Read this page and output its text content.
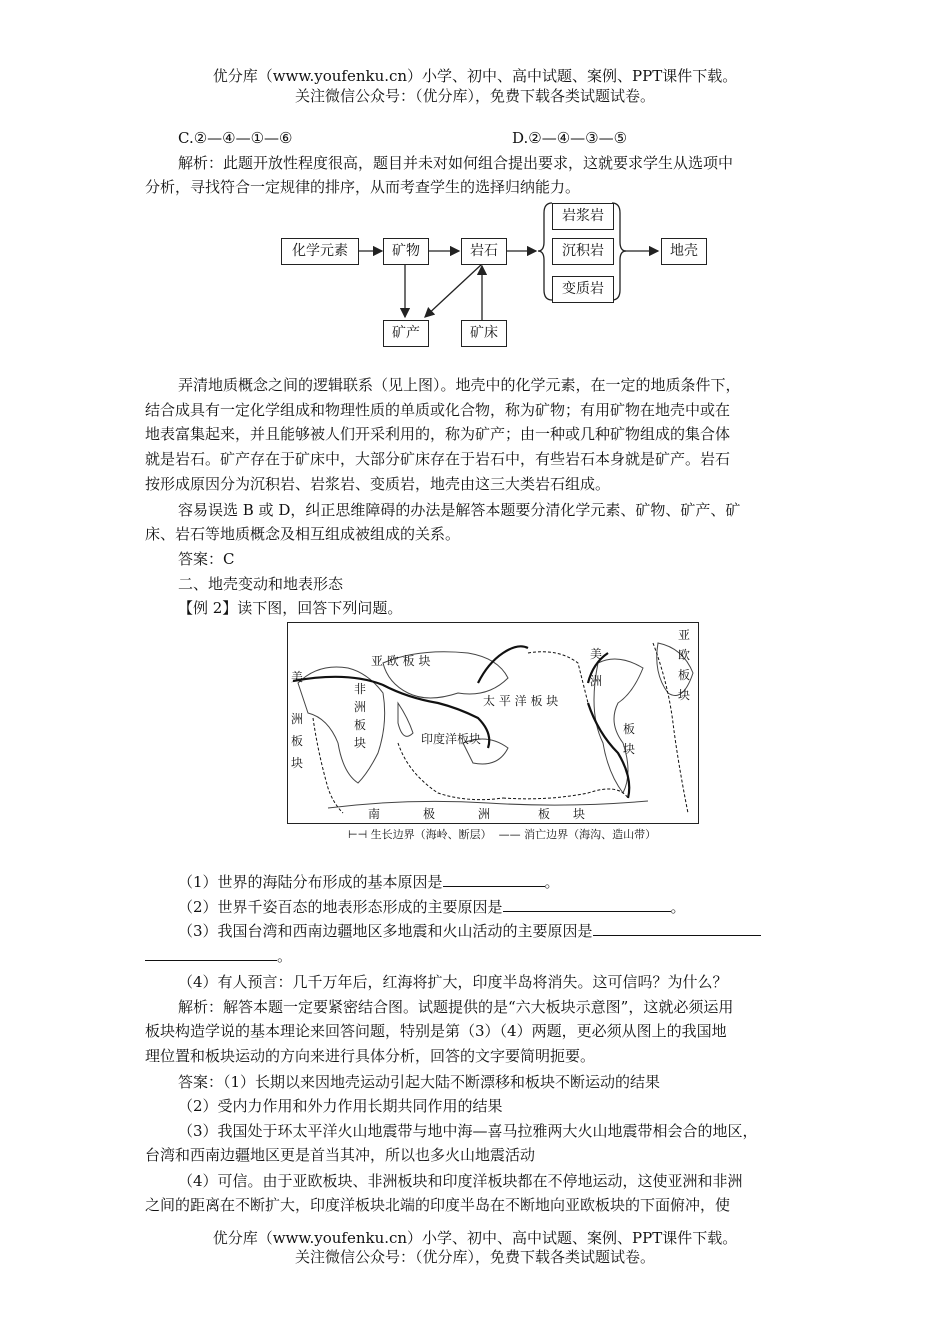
优分库（www.youfenku.cn）小学、初中、高中试题、案例、PPT课件下载。
关注微信公众号：（优分库），免费下载各类试题试卷。
C.②—④—①—⑥	D.②—④—③—⑤
解析：此题开放性程度很高，题目并未对如何组合提出要求，这就要求学生从选项中
分析，寻找符合一定规律的排序，从而考查学生的选择归纳能力。
化学元素	矿物	岩石
岩浆岩
沉积岩
变质岩
地壳
矿产	矿床
弄清地质概念之间的逻辑联系（见上图）。地壳中的化学元素，在一定的地质条件下，
结合成具有一定化学组成和物理性质的单质或化合物，称为矿物；有用矿物在地壳中或在
地表富集起来，并且能够被人们开采利用的，称为矿产；由一种或几种矿物组成的集合体
就是岩石。矿产存在于矿床中，大部分矿床存在于岩石中，有些岩石本身就是矿产。岩石
按形成原因分为沉积岩、岩浆岩、变质岩，地壳由这三大类岩石组成。
容易误选 B 或 D，纠正思维障碍的办法是解答本题要分清化学元素、矿物、矿产、矿
床、岩石等地质概念及相互组成被组成的关系。
答案：C
二、地壳变动和地表形态
【例 2】读下图，回答下列问题。
亚 欧 板 块
太 平 洋 板 块
印度洋板块
非
洲
板
块
美
洲
板
块
美
洲
板
块
亚
欧
板
块
南	极	洲	板 块
⊢⊣ 生长边界（海岭、断层） —— 消亡边界（海沟、造山带）
（1）世界的海陆分布形成的基本原因是	。
（2）世界千姿百态的地表形态形成的主要原因是	。
（3）我国台湾和西南边疆地区多地震和火山活动的主要原因是
。
（4）有人预言：几千万年后，红海将扩大，印度半岛将消失。这可信吗？为什么？
解析：解答本题一定要紧密结合图。试题提供的是“六大板块示意图”，这就必须运用
板块构造学说的基本理论来回答问题，特别是第（3）（4）两题，更必须从图上的我国地
理位置和板块运动的方向来进行具体分析，回答的文字要简明扼要。
答案：（1）长期以来因地壳运动引起大陆不断漂移和板块不断运动的结果
（2）受内力作用和外力作用长期共同作用的结果
（3）我国处于环太平洋火山地震带与地中海—喜马拉雅两大火山地震带相会合的地区，
台湾和西南边疆地区更是首当其冲，所以也多火山地震活动
（4）可信。由于亚欧板块、非洲板块和印度洋板块都在不停地运动，这使亚洲和非洲
之间的距离在不断扩大，印度洋板块北端的印度半岛在不断地向亚欧板块的下面俯冲，使
优分库（www.youfenku.cn）小学、初中、高中试题、案例、PPT课件下载。
关注微信公众号：（优分库），免费下载各类试题试卷。
